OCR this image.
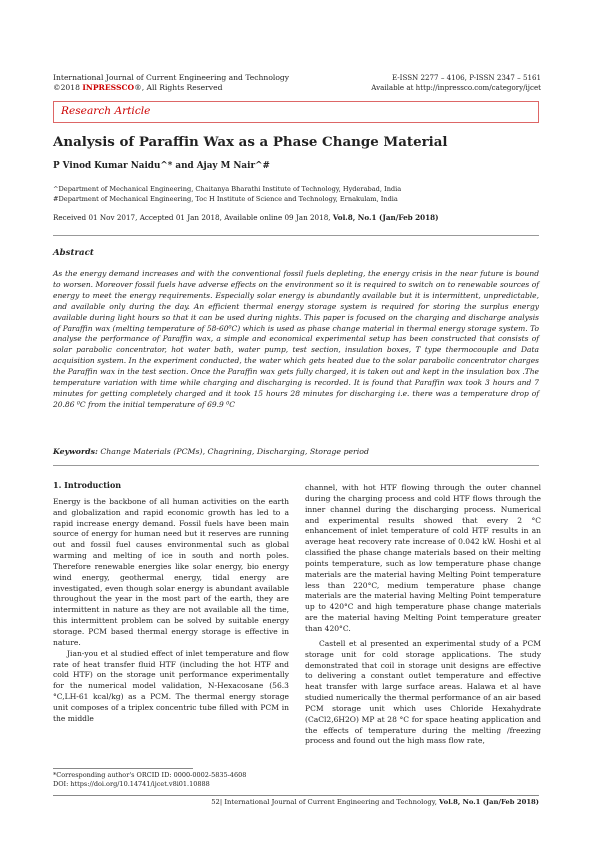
International Journal of Current Engineering and Technology
©2018 INPRESSCO®, All Rights Reserved
E-ISSN 2277 – 4106, P-ISSN 2347 – 5161
Available at http://inpressco.com/category/ijcet
Research Article
Analysis of Paraffin Wax as a Phase Change Material
P Vinod Kumar Naidu^* and Ajay M Nair^#
^Department of Mechanical Engineering, Chaitanya Bharathi Institute of Technology, Hyderabad, India
#Department of Mechanical Engineering, Toc H Institute of Science and Technology, Ernakulam, India
Received 01 Nov 2017, Accepted 01 Jan 2018, Available online 09 Jan 2018, Vol.8, No.1 (Jan/Feb 2018)
Abstract
As the energy demand increases and with the conventional fossil fuels depleting, the energy crisis in the near future is bound to worsen. Moreover fossil fuels have adverse effects on the environment so it is required to switch on to renewable sources of energy to meet the energy requirements. Especially solar energy is abundantly available but it is intermittent, unpredictable, and available only during the day. An efficient thermal energy storage system is required for storing the surplus energy available during light hours so that it can be used during nights. This paper is focused on the charging and discharge analysis of Paraffin wax (melting temperature of 58-60⁰C) which is used as phase change material in thermal energy storage system. To analyse the performance of Paraffin wax, a simple and economical experimental setup has been constructed that consists of solar parabolic concentrator, hot water bath, water pump, test section, insulation boxes, T type thermocouple and Data acquisition system. In the experiment conducted, the water which gets heated due to the solar parabolic concentrator charges the Paraffin wax in the test section. Once the Paraffin wax gets fully charged, it is taken out and kept in the insulation box .The temperature variation with time while charging and discharging is recorded. It is found that Paraffin wax took 3 hours and 7 minutes for getting completely charged and it took 15 hours 28 minutes for discharging i.e. there was a temperature drop of 20.86 ⁰C from the initial temperature of 69.9 ⁰C
Keywords: Change Materials (PCMs), Chagrining, Discharging, Storage period

1. Introduction

Energy is the backbone of all human activities on the earth and globalization and rapid economic growth has led to a rapid increase energy demand. Fossil fuels have been main source of energy for human need but it reserves are running out and fossil fuel causes environmental such as global warming and melting of ice in south and north poles. Therefore renewable energies like solar energy, bio energy wind energy, geothermal energy, tidal energy are investigated, even though solar energy is abundant available throughout the year in the most part of the earth, they are intermittent in nature as they are not available all the time, this intermittent problem can be solved by suitable energy storage. PCM based thermal energy storage is effective in nature.

Jian-you et al studied effect of inlet temperature and flow rate of heat transfer fluid HTF (including the hot HTF and cold HTF) on the storage unit performance experimentally for the numerical model validation, N-Hexacosane (56.3 °C,LH-61 kcal/kg) as a PCM. The thermal energy storage unit composes of a triplex concentric tube filled with PCM in the middle

channel, with hot HTF flowing through the outer channel during the charging process and cold HTF flows through the inner channel during the discharging process. Numerical and experimental results showed that every 2 °C enhancement of inlet temperature of cold HTF results in an average heat recovery rate increase of 0.042 kW. Hoshi et al classified the phase change materials based on their melting points temperature, such as low temperature phase change materials are the material having Melting Point temperature less than 220°C, medium temperature phase change materials are the material having Melting Point temperature up to 420°C and high temperature phase change materials are the material having Melting Point temperature greater than 420°C.

Castell et al presented an experimental study of a PCM storage unit for cold storage applications. The study demonstrated that coil in storage unit designs are effective to delivering a constant outlet temperature and effective heat transfer with large surface areas. Halawa et al have studied numerically the thermal performance of an air based PCM storage unit which uses Chloride Hexahydrate (CaCl2,6H2O) MP at 28 °C for space heating application and the effects of temperature during the melting /freezing process and found out the high mass flow rate,

*Corresponding author's ORCID ID: 0000-0002-5835-4608
DOI: https://doi.org/10.14741/ijcet.v8i01.10888
52| International Journal of Current Engineering and Technology, Vol.8, No.1 (Jan/Feb 2018)
